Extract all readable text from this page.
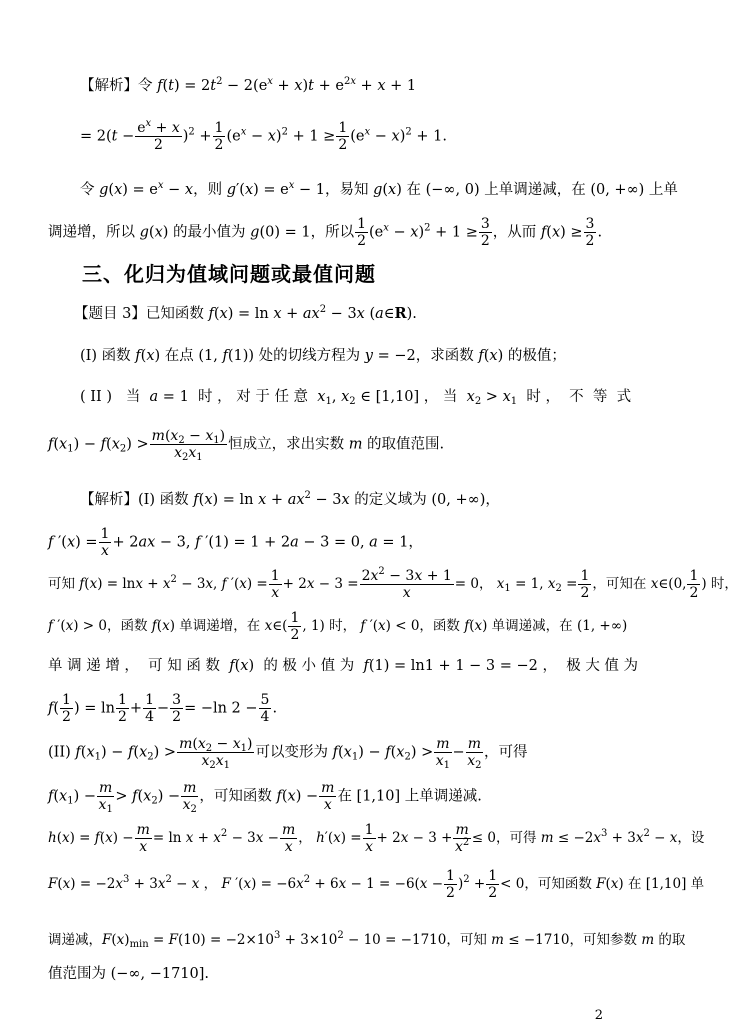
【解析】令 $f(t) = 2t^2 - 2(e^x + x)t + e^{2x} + x + 1$
= $2(t - \frac{e^x + x}{2} )^2 + \frac{1}{2} (e^x - x)^2 + 1 \ge \frac{1}{2} (e^x - x)^2 + 1$.
令 $g(x) = e^x - x$，则 $g'(x) = e^x - 1$，易知 g(x) 在 (−∞, 0) 上单调递减，在 (0, +∞) 上单
调递增，所以 g(x) 的最小值为 g(0) = 1，所以 $\frac{1}{2} (e^x - x)^2 + 1 \ge \frac{3}{2}$ ，从而 $f(x) \ge \frac{3}{2}$ .
三、化归为值域问题或最值问题
【题目 3】已知函数 $f(x) = \ln x + ax^2 - 3x$ (a∈R).
(I) 函数 f(x) 在点 (1, f(1)) 处的切线方程为 y = −2，求函数 f(x) 的极值；
( II )   当  a = 1  时 ， 对 于 任 意  $x_1$, $x_2$ ∈ [1,10] ， 当  $x_2 > x_1$  时 ，  不  等  式
$f(x_1) - f(x_2) > \frac{m(x_2 - x_1)}{x_2x_1}$ 恒成立，求出实数 m 的取值范围.
【解析】(I) 函数 $f(x) = \ln x + ax^2 - 3x$ 的定义域为 (0, +∞)，
f $'(x) = \frac{1}{x} + 2ax - 3$, f ′(1) = 1 + 2a − 3 = 0, a = 1，
可知 $f(x) = \ln x + x^2 - 3x$, f $'(x) = \frac{1}{x} + 2x - 3 = \frac{2x^2 - 3x + 1}{x} = 0$， $x_1 = 1$, $x_2 = \frac{1}{2}$ ，可知在 x∈(0, $\frac{1}{2}$ ) 时，
f ′(x) > 0，函数 f(x) 单调递增，在 x∈( $\frac{1}{2}$ , 1) 时， f ′(x) < 0，函数 f(x) 单调递减，在 (1, +∞)
单 调 递 增 ，  可 知 函 数  f(x)  的 极 小 值 为  f(1) = ln1 + 1 − 3 = −2 ，  极 大 值 为
$f( \frac{1}{2}$ ) = $\ln \frac{1}{2} + \frac{1}{4} - \frac{3}{2} = -\ln$ $2 - \frac{5}{4}$ .
(II) $f(x_1) - f(x_2) > \frac{m(x_2 - x_1)}{x_2x_1}$ 可以变形为 $f(x_1) - f(x_2) > \frac{m}{x_1} - \frac{m}{x_2}$ ，可得
$f(x_1) - \frac{m}{x_1} > f(x_2) - \frac{m}{x_2}$ ，可知函数 $f(x) - \frac{m}{x}$ 在 [1,10] 上单调递减.
$h(x) = f(x) - \frac{m}{x} = \ln x + x^2 - 3x - \frac{m}{x}$ ， $h'(x) = \frac{1}{x} + 2x - 3 + \frac{m}{x^2} \le 0$，可得 $m \le -2x^3 + 3x^2 - x$，设
$F(x) = -2x^3 + 3x^2 - x$ ， F $'(x) = -6x^2 + 6x - 1 = -6(x - \frac{1}{2} )^2 + \frac{1}{2} < 0$，可知函数 F(x) 在 [1,10] 单
调递减，$F(x)_{min} = F(10) = -2\times 10^3 + 3\times 10^2 - 10 = -1710$，可知 m ≤ −1710，可知参数 m 的取
值范围为 (−∞, −1710].
2
